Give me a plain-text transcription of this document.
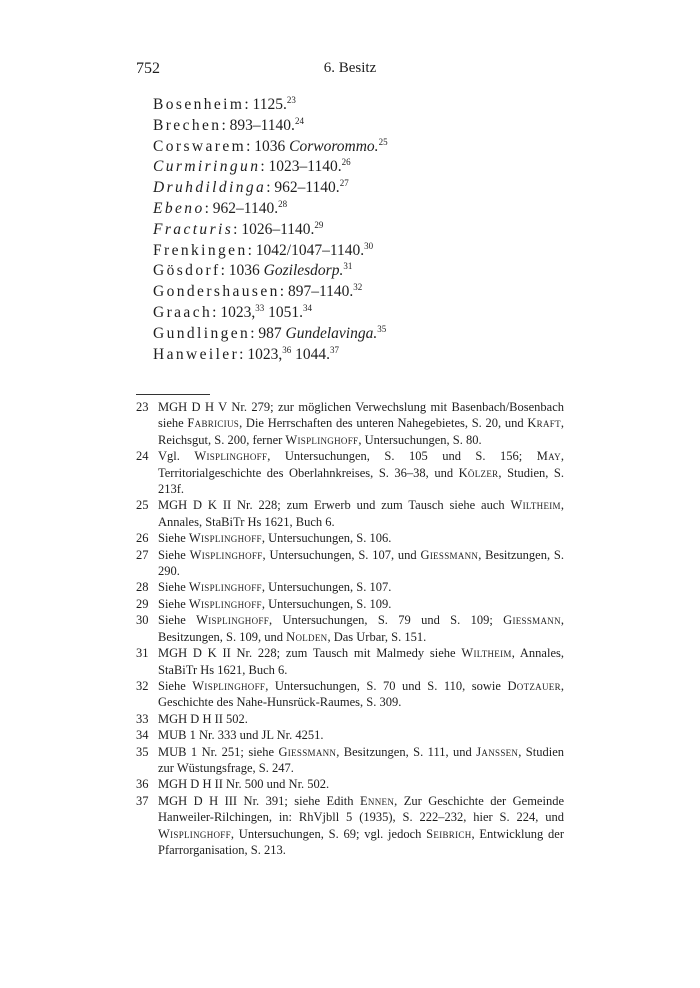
752	6. Besitz
Bosenheim: 1125.23
Brechen: 893–1140.24
Corswarem: 1036 Corworommo.$^{25}$
Curmiringun: 1023–1140.26
Druhdildinga: 962–1140.27
Ebeno: 962–1140.28
Fracturis: 1026–1140.29
Frenkingen: 1042/1047–1140.30
Gösdorf: 1036 Gozilesdorp.$^{31}$
Gondershausen: 897–1140.32
Graach: 1023,33 1051.34
Gundlingen: 987 Gundelavinga.$^{35}$
Hanweiler: 1023,36 1044.37
23 MGH D H V Nr. 279; zur möglichen Verwechslung mit Basenbach/Bosenbach siehe Fabricius, Die Herrschaften des unteren Nahegebietes, S. 20, und Kraft, Reichsgut, S. 200, ferner Wisplinghoff, Untersuchungen, S. 80.
24 Vgl. Wisplinghoff, Untersuchungen, S. 105 und S. 156; May, Territorialgeschichte des Oberlahnkreises, S. 36–38, und Kölzer, Studien, S. 213f.
25 MGH D K II Nr. 228; zum Erwerb und zum Tausch siehe auch Wiltheim, Annales, StaBiTr Hs 1621, Buch 6.
26 Siehe Wisplinghoff, Untersuchungen, S. 106.
27 Siehe Wisplinghoff, Untersuchungen, S. 107, und Giessmann, Besitzungen, S. 290.
28 Siehe Wisplinghoff, Untersuchungen, S. 107.
29 Siehe Wisplinghoff, Untersuchungen, S. 109.
30 Siehe Wisplinghoff, Untersuchungen, S. 79 und S. 109; Giessmann, Besitzungen, S. 109, und Nolden, Das Urbar, S. 151.
31 MGH D K II Nr. 228; zum Tausch mit Malmedy siehe Wiltheim, Annales, StaBiTr Hs 1621, Buch 6.
32 Siehe Wisplinghoff, Untersuchungen, S. 70 und S. 110, sowie Dotzauer, Geschichte des Nahe-Hunsrück-Raumes, S. 309.
33 MGH D H II 502.
34 MUB 1 Nr. 333 und JL Nr. 4251.
35 MUB 1 Nr. 251; siehe Giessmann, Besitzungen, S. 111, und Janssen, Studien zur Wüstungsfrage, S. 247.
36 MGH D H II Nr. 500 und Nr. 502.
37 MGH D H III Nr. 391; siehe Edith Ennen, Zur Geschichte der Gemeinde Hanweiler-Rilchingen, in: RhVjbll 5 (1935), S. 222–232, hier S. 224, und Wisplinghoff, Untersuchungen, S. 69; vgl. jedoch Seibrich, Entwicklung der Pfarrorganisation, S. 213.
